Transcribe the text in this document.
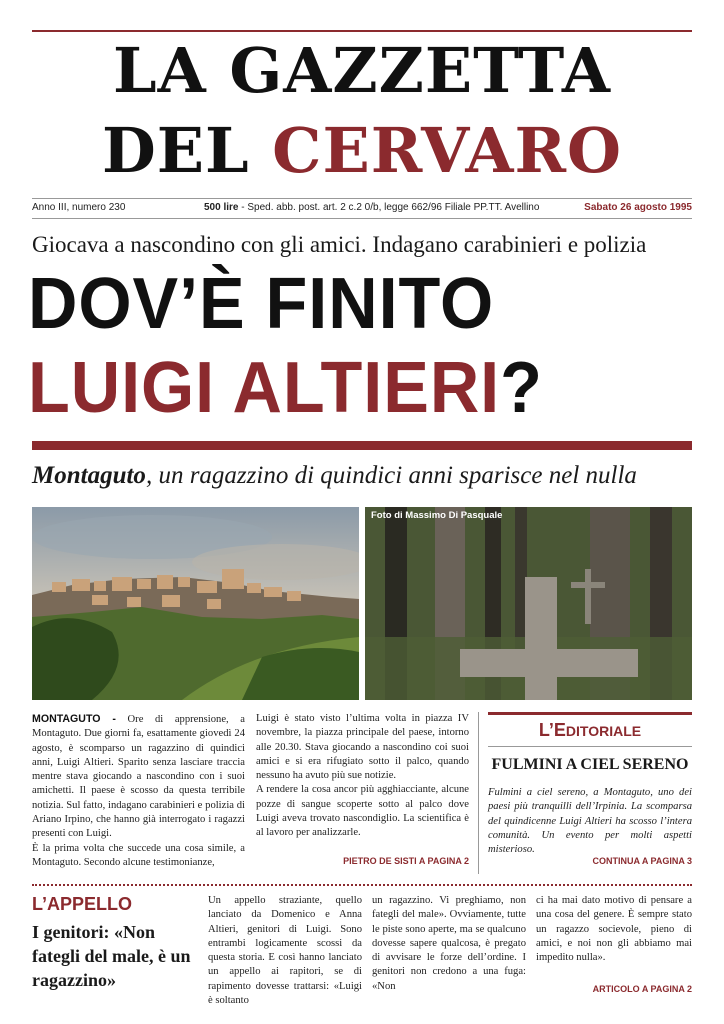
LA GAZZETTA
DEL CERVARO
Anno III, numero 230	500 lire - Sped. abb. post. art. 2 c.2 0/b, legge 662/96 Filiale PP.TT. Avellino	Sabato 26 agosto 1995
Giocava a nascondino con gli amici. Indagano carabinieri e polizia
DOV’È FINITO
LUIGI ALTIERI?
Montaguto, un ragazzino di quindici anni sparisce nel nulla
Foto di Massimo Di Pasquale

MONTAGUTO - Ore di apprensione, a Montaguto. Due giorni fa, esattamente giovedì 24 agosto, è scomparso un ragazzino di quindici anni, Luigi Altieri. Sparito senza lasciare traccia mentre stava giocando a nascondino con i suoi amichetti. Il paese è scosso da questa terribile notizia. Sul fatto, indagano carabinieri e polizia di Ariano Irpino, che hanno già interrogato i ragazzi presenti con Luigi.

È la prima volta che succede una cosa simile, a Montaguto. Secondo alcune testimonianze,

Luigi è stato visto l’ultima volta in piazza IV novembre, la piazza principale del paese, intorno alle 20.30. Stava giocando a nascondino coi suoi amici e si era rifugiato sotto il palco, quando nessuno ha avuto più sue notizie.

A rendere la cosa ancor più agghiacciante, alcune pozze di sangue scoperte sotto al palco dove Luigi aveva trovato nascondiglio. La scientifica è al lavoro per analizzarle.

PIETRO DE SISTI A PAGINA 2
L’EDITORIALE
FULMINI A CIEL SERENO
Fulmini a ciel sereno, a Montaguto, uno dei paesi più tranquilli dell’Irpinia. La scomparsa del quindicenne Luigi Altieri ha scosso l’intera comunità. Un evento per molti aspetti misterioso.
CONTINUA A PAGINA 3
L’APPELLO
I genitori: «Non fategli del male, è un ragazzino»
Un appello straziante, quello lanciato da Domenico e Anna Altieri, genitori di Luigi. Sono entrambi logicamente scossi da questa storia. E così hanno lanciato un appello ai rapitori, se di rapimento dovesse trattarsi: «Luigi è soltanto
un ragazzino. Vi preghiamo, non fategli del male». Ovviamente, tutte le piste sono aperte, ma se qualcuno dovesse sapere qualcosa, è pregato di avvisare le forze dell’ordine. I genitori non credono a una fuga: «Non
ci ha mai dato motivo di pensare a una cosa del genere. È sempre stato un ragazzo socievole, pieno di amici, e noi non gli abbiamo mai impedito nulla».
ARTICOLO A PAGINA 2
